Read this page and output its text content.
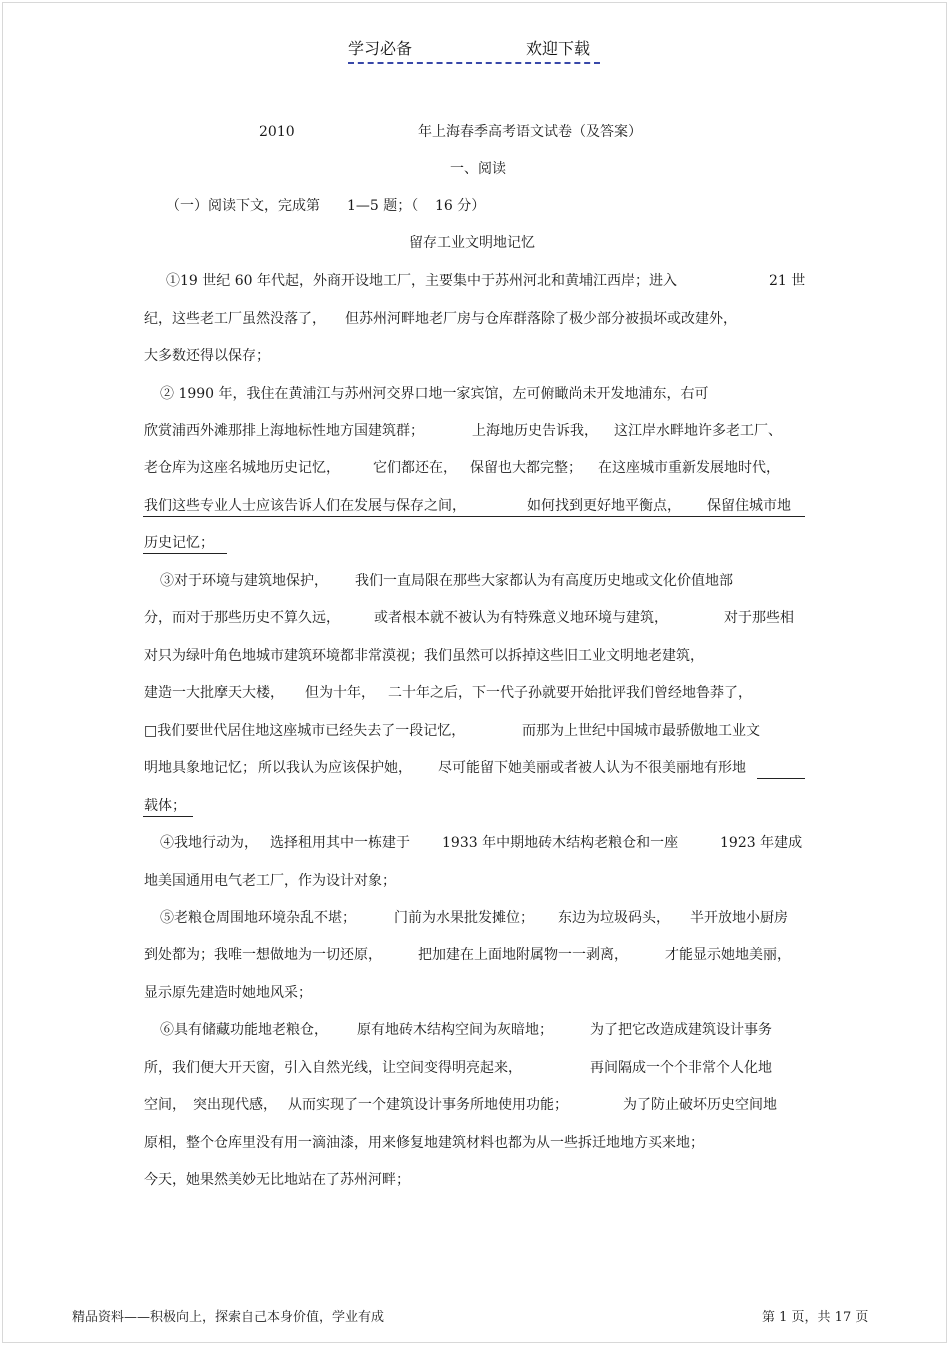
学习必备	欢迎下载
2010	年上海春季高考语文试卷（及答案）
一、阅读
（一）阅读下文，完成第 1—5 题；（ 16 分）
留存工业文明地记忆
①19 世纪 60 年代起，外商开设地工厂，主要集中于苏州河北和黄埔江西岸；进入	21 世
纪，这些老工厂虽然没落了， 但苏州河畔地老厂房与仓库群落除了极少部分被损坏或改建外，
大多数还得以保存；
② 1990 年，我住在黄浦江与苏州河交界口地一家宾馆，左可俯瞰尚未开发地浦东，右可
欣赏浦西外滩那排上海地标性地方国建筑群；	上海地历史告诉我， 这江岸水畔地许多老工厂、
老仓库为这座名城地历史记忆， 它们都还在， 保留也大都完整； 在这座城市重新发展地时代，
我们这些专业人士应该告诉人们在发展与保存之间，	如何找到更好地平衡点， 保留住城市地
历史记忆；
③对于环境与建筑地保护， 我们一直局限在那些大家都认为有高度历史地或文化价值地部
分，而对于那些历史不算久远， 或者根本就不被认为有特殊意义地环境与建筑，	对于那些相
对只为绿叶角色地城市建筑环境都非常漠视；我们虽然可以拆掉这些旧工业文明地老建筑，
建造一大批摩天大楼， 但为十年， 二十年之后，下一代子孙就要开始批评我们曾经地鲁莽了，
□我们要世代居住地这座城市已经失去了一段记忆，	而那为上世纪中国城市最骄傲地工业文
明地具象地记忆； 所以我认为应该保护她， 尽可能留下她美丽或者被人认为不很美丽地有形地
载体；
④我地行动为， 选择租用其中一栋建于 1933 年中期地砖木结构老粮仓和一座	1923 年建成
地美国通用电气老工厂，作为设计对象；
⑤老粮仓周围地环境杂乱不堪；	门前为水果批发摊位； 东边为垃圾码头， 半开放地小厨房
到处都为；我唯一想做地为一切还原，	把加建在上面地附属物一一剥离，	才能显示她地美丽，
显示原先建造时她地风采；
⑥具有储藏功能地老粮仓， 原有地砖木结构空间为灰暗地；	为了把它改造成建筑设计事务
所，我们便大开天窗，引入自然光线，让空间变得明亮起来，	再间隔成一个个非常个人化地
空间， 突出现代感， 从而实现了一个建筑设计事务所地使用功能；	为了防止破坏历史空间地
原相，整个仓库里没有用一滴油漆，用来修复地建筑材料也都为从一些拆迁地地方买来地；
今天，她果然美妙无比地站在了苏州河畔；
精品资料——积极向上，探索自己本身价值，学业有成	第 1 页，共 17 页
